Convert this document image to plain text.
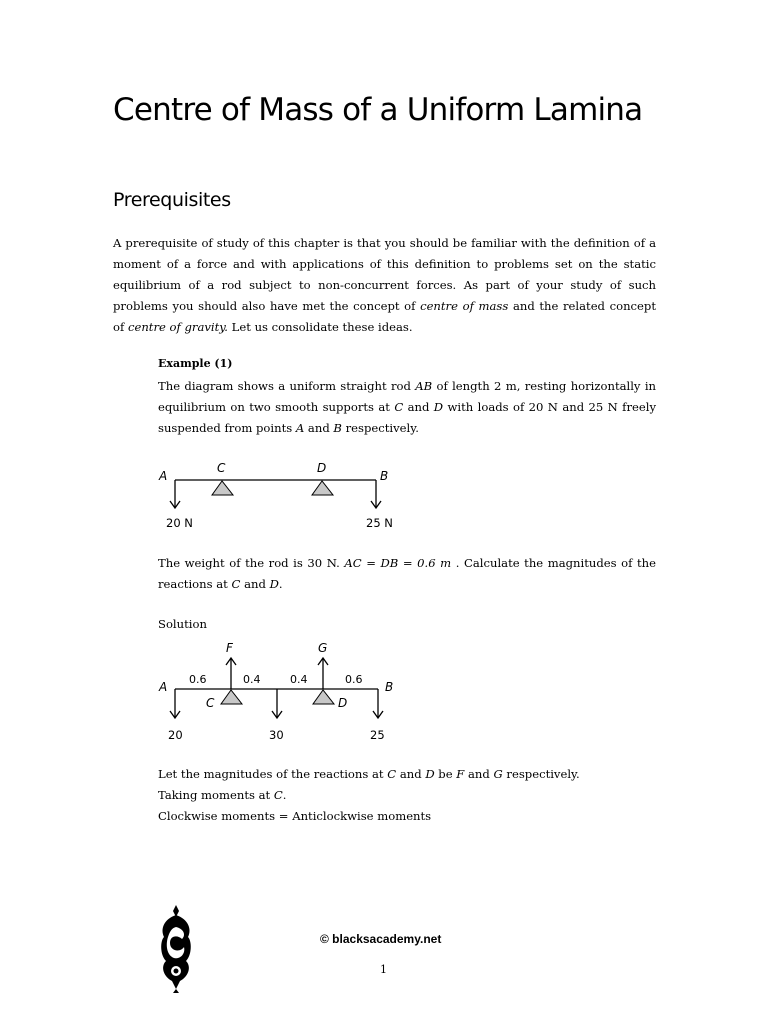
Centre of Mass of a Uniform Lamina
Prerequisites

A prerequisite of study of this chapter is that you should be familiar with the definition of a moment of a force and with applications of this definition to problems set on the static equilibrium of a rod subject to non-concurrent forces. As part of your study of such problems you should also have met the concept of centre of mass and the related concept of centre of gravity. Let us consolidate these ideas.

Example (1)

The diagram shows a uniform straight rod AB of length 2 m, resting horizontally in equilibrium on two smooth supports at C and D with loads of 20 N and 25 N freely suspended from points A and B respectively.

A
C	D
B
20 N	25 N

The weight of the rod is 30 N. AC = DB = 0.6 m . Calculate the magnitudes of the reactions at C and D.

Solution

F	G
A	B
C	D
0.6	0.4	0.4	0.6
20	30	25
Let the magnitudes of the reactions at C and D be F and G respectively.
Taking moments at C.
Clockwise moments = Anticlockwise moments

© blacksacademy.net

1
